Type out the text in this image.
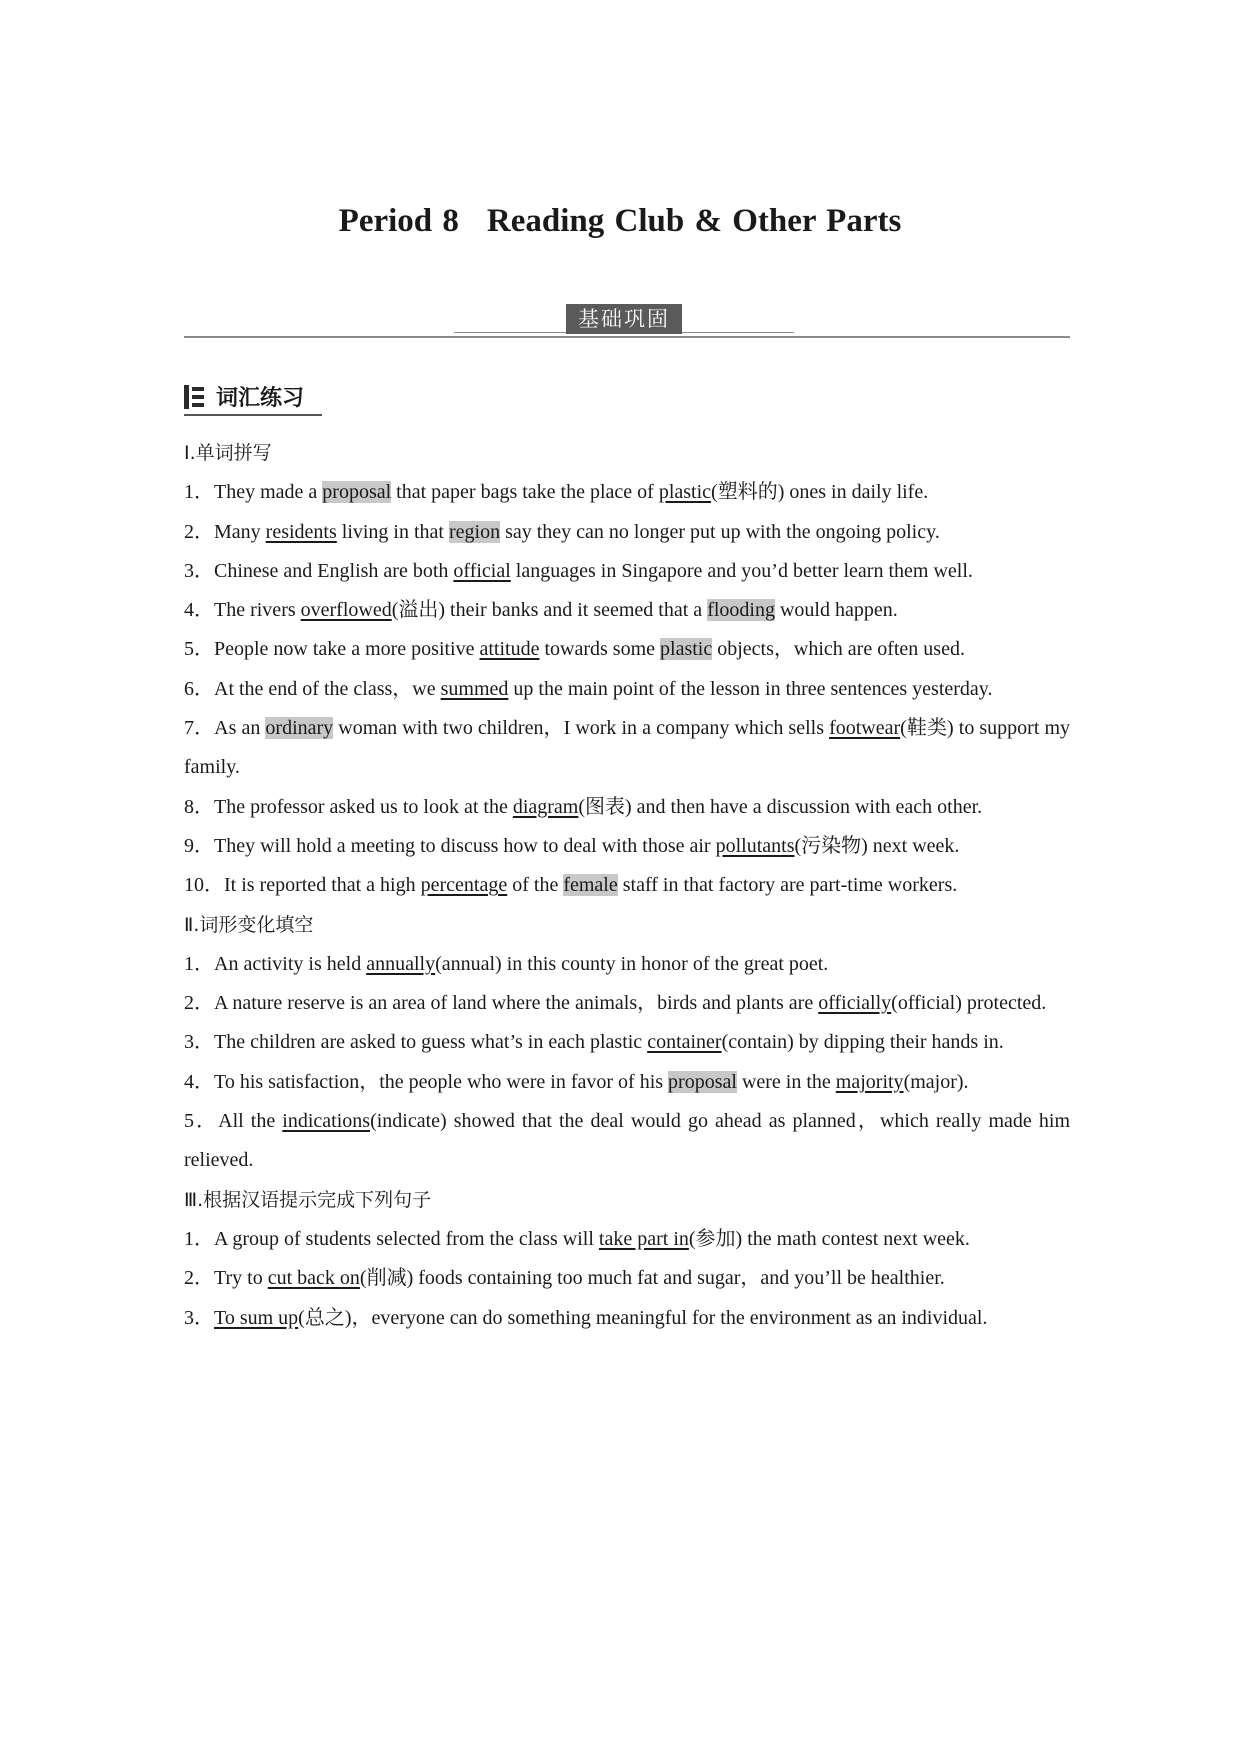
Period 8 Reading Club & Other Parts
基础巩固
词汇练习
Ⅰ.单词拼写
1．They made a proposal that paper bags take the place of plastic(塑料的) ones in daily life.
2．Many residents living in that region say they can no longer put up with the ongoing policy.
3．Chinese and English are both official languages in Singapore and you’d better learn them well.
4．The rivers overflowed(溢出) their banks and it seemed that a flooding would happen.
5．People now take a more positive attitude towards some plastic objects，which are often used.
6．At the end of the class，we summed up the main point of the lesson in three sentences yesterday.
7．As an ordinary woman with two children，I work in a company which sells footwear(鞋类) to support my family.
8．The professor asked us to look at the diagram(图表) and then have a discussion with each other.
9．They will hold a meeting to discuss how to deal with those air pollutants(污染物) next week.
10．It is reported that a high percentage of the female staff in that factory are part-time workers.
Ⅱ.词形变化填空
1．An activity is held annually(annual) in this county in honor of the great poet.
2．A nature reserve is an area of land where the animals，birds and plants are officially(official) protected.
3．The children are asked to guess what’s in each plastic container(contain) by dipping their hands in.
4．To his satisfaction，the people who were in favor of his proposal were in the majority(major).
5．All the indications(indicate) showed that the deal would go ahead as planned，which really made him relieved.
Ⅲ.根据汉语提示完成下列句子
1．A group of students selected from the class will take part in(参加) the math contest next week.
2．Try to cut back on(削减) foods containing too much fat and sugar，and you’ll be healthier.
3．To sum up(总之)，everyone can do something meaningful for the environment as an individual.
